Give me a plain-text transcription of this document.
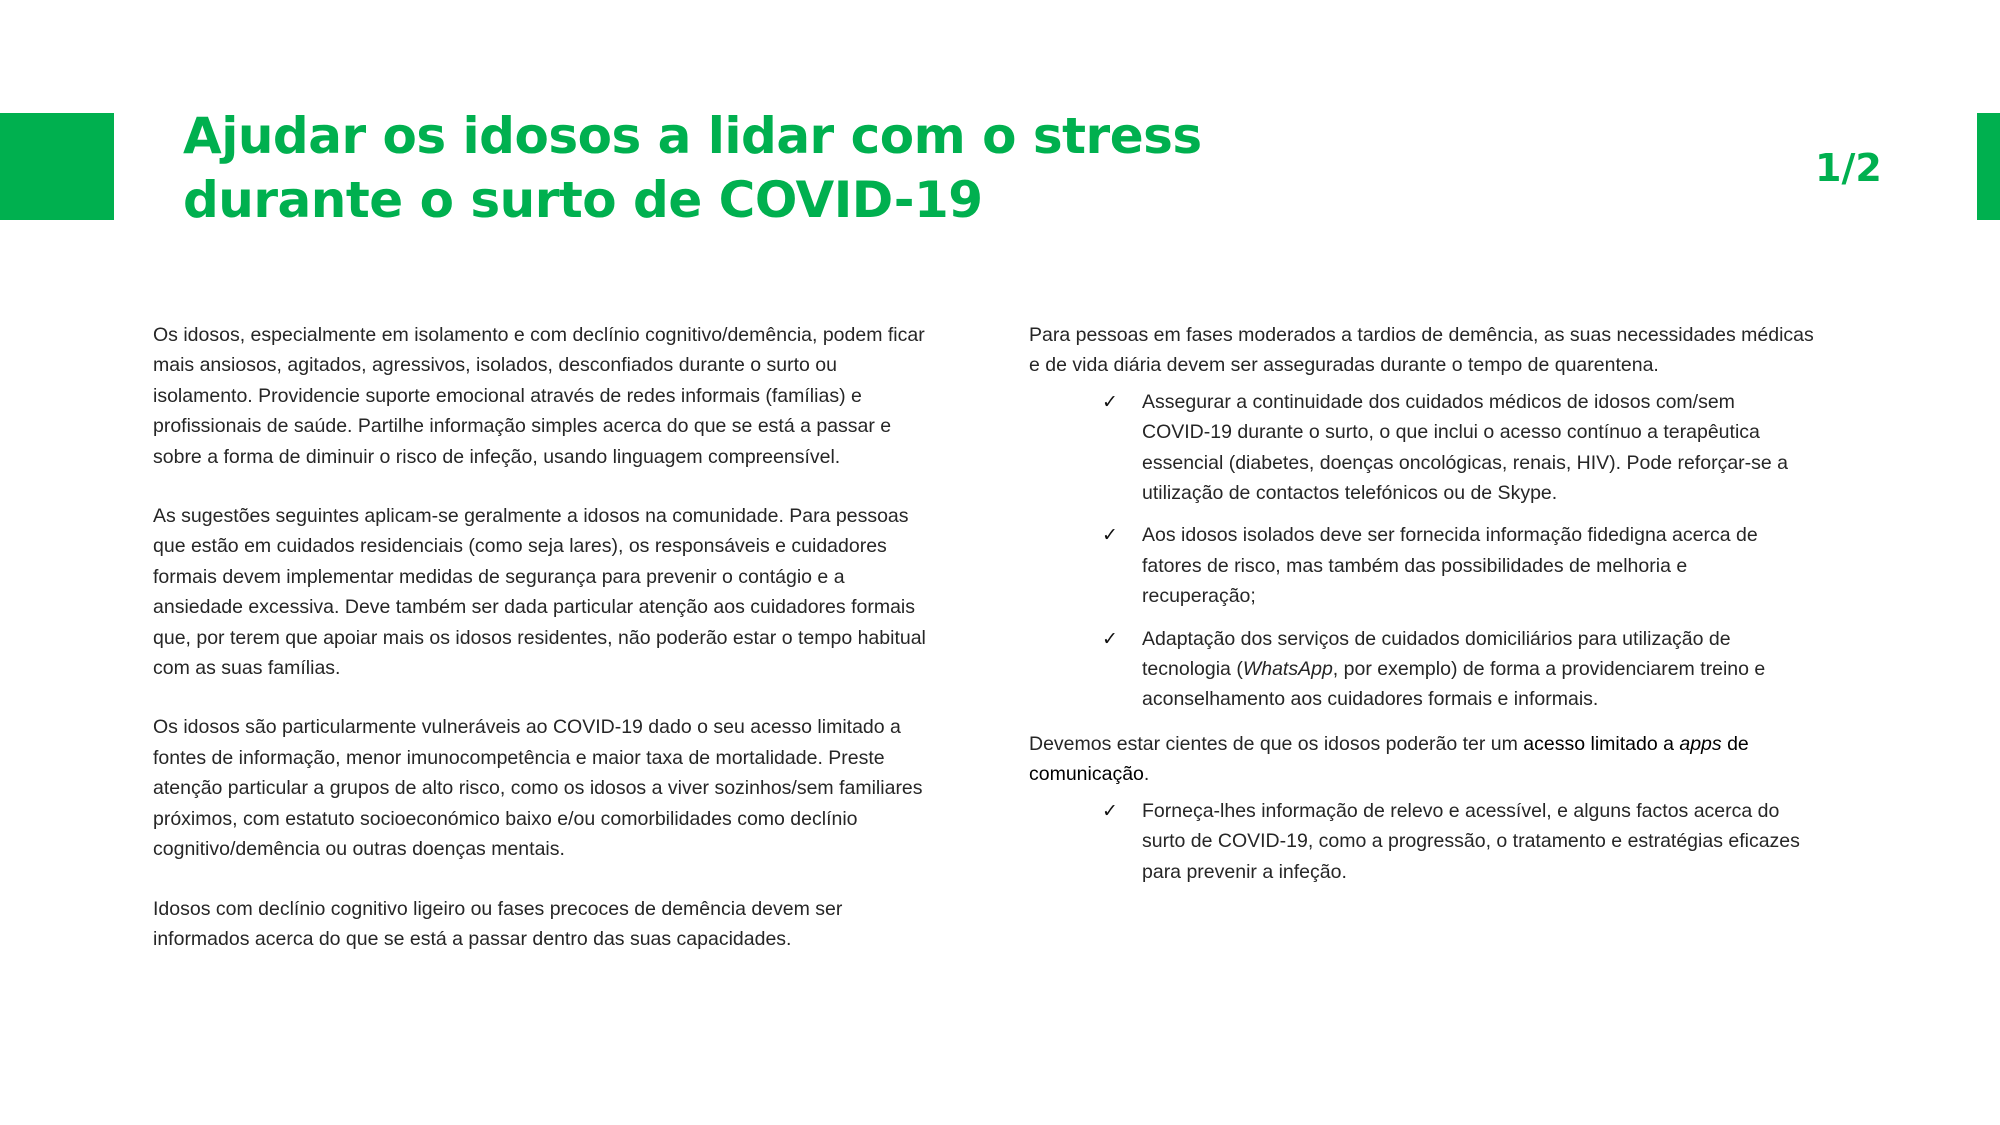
Ajudar os idosos a lidar com o stress
durante o surto de COVID-19
1/2

Os idosos, especialmente em isolamento e com declínio cognitivo/demência, podem ficar mais ansiosos, agitados, agressivos, isolados, desconfiados durante o surto ou isolamento. Providencie suporte emocional através de redes informais (famílias) e profissionais de saúde. Partilhe informação simples acerca do que se está a passar e sobre a forma de diminuir o risco de infeção, usando linguagem compreensível.

As sugestões seguintes aplicam-se geralmente a idosos na comunidade. Para pessoas que estão em cuidados residenciais (como seja lares), os responsáveis e cuidadores formais devem implementar medidas de segurança para prevenir o contágio e a ansiedade excessiva. Deve também ser dada particular atenção aos cuidadores formais que, por terem que apoiar mais os idosos residentes, não poderão estar o tempo habitual com as suas famílias.

Os idosos são particularmente vulneráveis ao COVID-19 dado o seu acesso limitado a fontes de informação, menor imunocompetência e maior taxa de mortalidade. Preste atenção particular a grupos de alto risco, como os idosos a viver sozinhos/sem familiares próximos, com estatuto socioeconómico baixo e/ou comorbilidades como declínio cognitivo/demência ou outras doenças mentais.

Idosos com declínio cognitivo ligeiro ou fases precoces de demência devem ser informados acerca do que se está a passar dentro das suas capacidades.

Para pessoas em fases moderados a tardios de demência, as suas necessidades médicas e de vida diária devem ser asseguradas durante o tempo de quarentena.

✓ Assegurar a continuidade dos cuidados médicos de idosos com/sem COVID-19 durante o surto, o que inclui o acesso contínuo a terapêutica essencial (diabetes, doenças oncológicas, renais, HIV). Pode reforçar-se a utilização de contactos telefónicos ou de Skype.
✓ Aos idosos isolados deve ser fornecida informação fidedigna acerca de fatores de risco, mas também das possibilidades de melhoria e recuperação;
✓ Adaptação dos serviços de cuidados domiciliários para utilização de tecnologia (WhatsApp, por exemplo) de forma a providenciarem treino e aconselhamento aos cuidadores formais e informais.

Devemos estar cientes de que os idosos poderão ter um acesso limitado a apps de comunicação.

✓ Forneça-lhes informação de relevo e acessível, e alguns factos acerca do surto de COVID-19, como a progressão, o tratamento e estratégias eficazes para prevenir a infeção.
